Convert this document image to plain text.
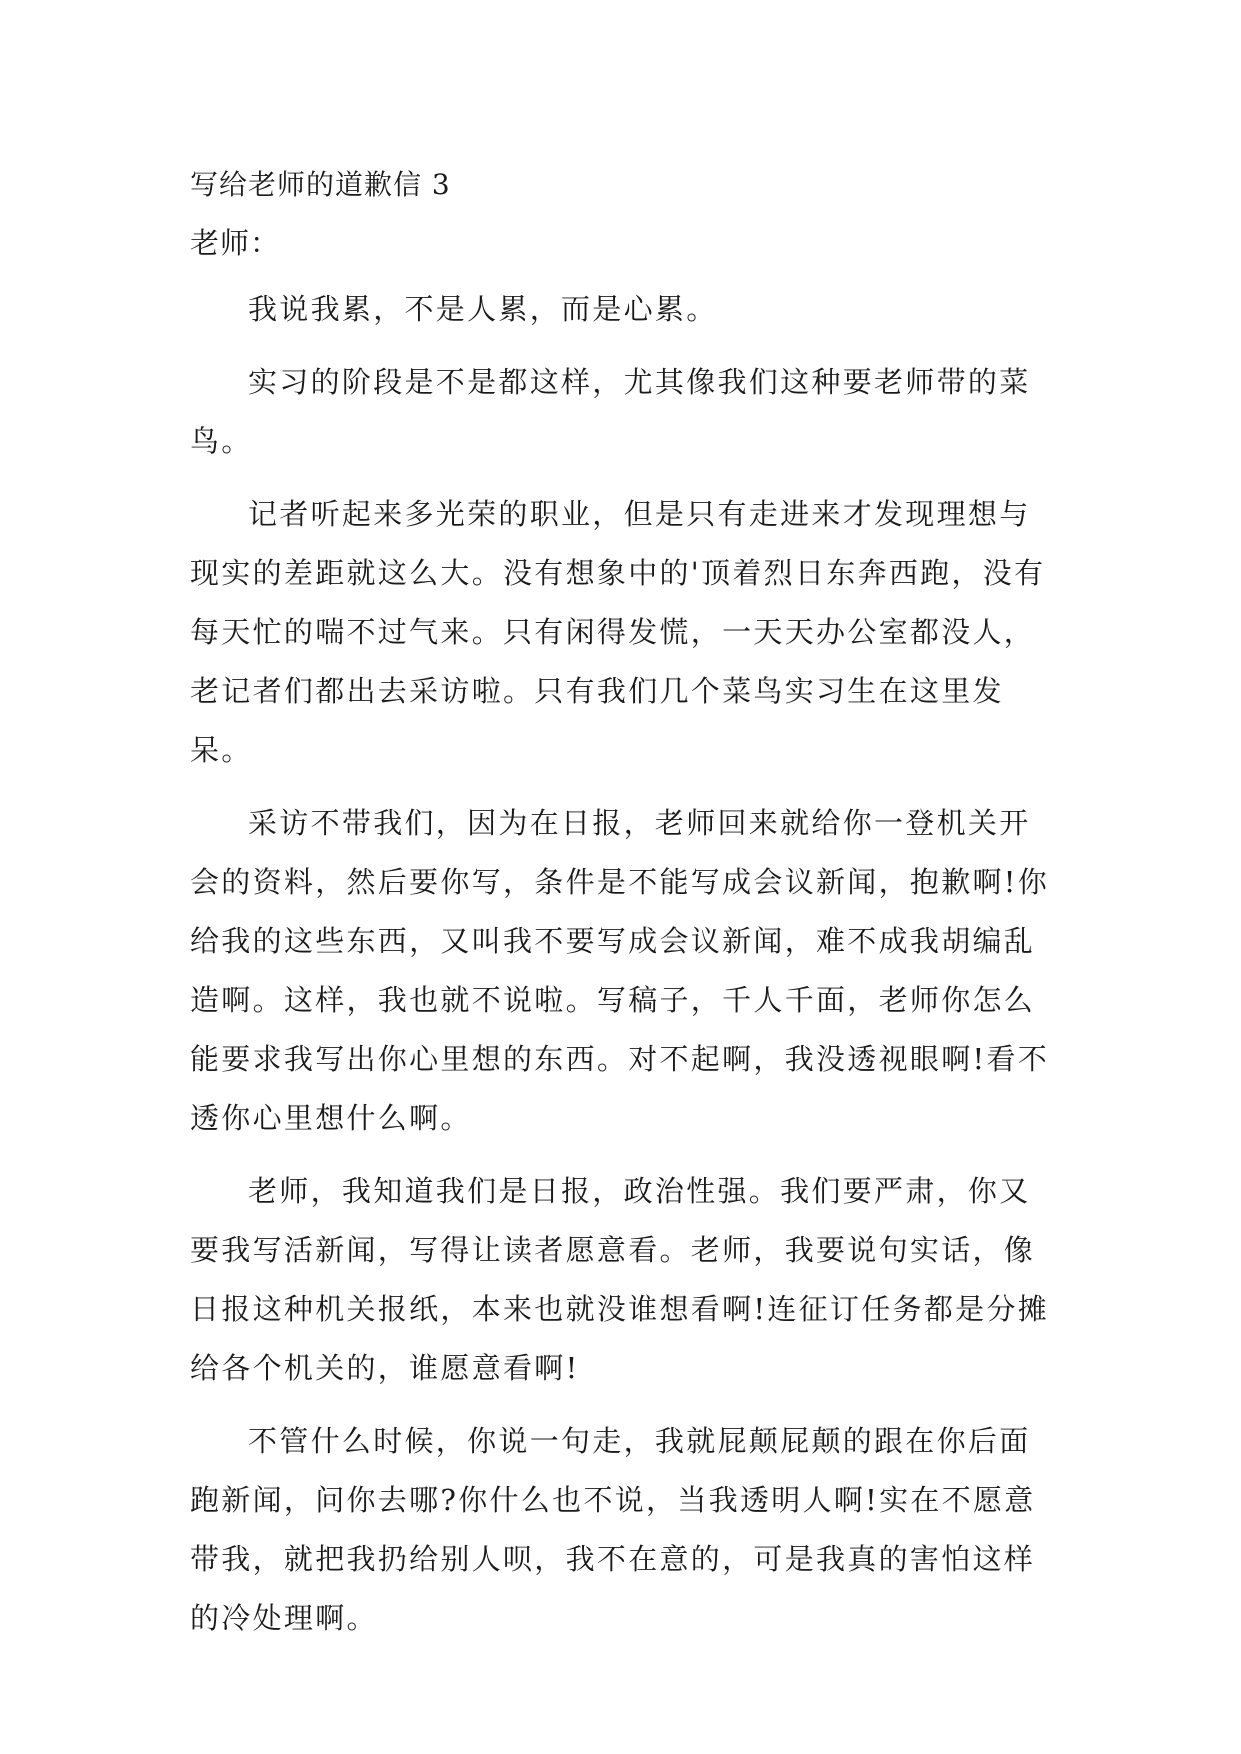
写给老师的道歉信 3
老师：

我说我累，不是人累，而是心累。

实习的阶段是不是都这样，尤其像我们这种要老师带的菜鸟。

记者听起来多光荣的职业，但是只有走进来才发现理想与现实的差距就这么大。没有想象中的'顶着烈日东奔西跑，没有每天忙的喘不过气来。只有闲得发慌，一天天办公室都没人，老记者们都出去采访啦。只有我们几个菜鸟实习生在这里发呆。

采访不带我们，因为在日报，老师回来就给你一登机关开会的资料，然后要你写，条件是不能写成会议新闻，抱歉啊!你给我的这些东西，又叫我不要写成会议新闻，难不成我胡编乱造啊。这样，我也就不说啦。写稿子，千人千面，老师你怎么能要求我写出你心里想的东西。对不起啊，我没透视眼啊!看不透你心里想什么啊。

老师，我知道我们是日报，政治性强。我们要严肃，你又要我写活新闻，写得让读者愿意看。老师，我要说句实话，像日报这种机关报纸，本来也就没谁想看啊!连征订任务都是分摊给各个机关的，谁愿意看啊!

不管什么时候，你说一句走，我就屁颠屁颠的跟在你后面跑新闻，问你去哪?你什么也不说，当我透明人啊!实在不愿意带我，就把我扔给别人呗，我不在意的，可是我真的害怕这样的冷处理啊。
